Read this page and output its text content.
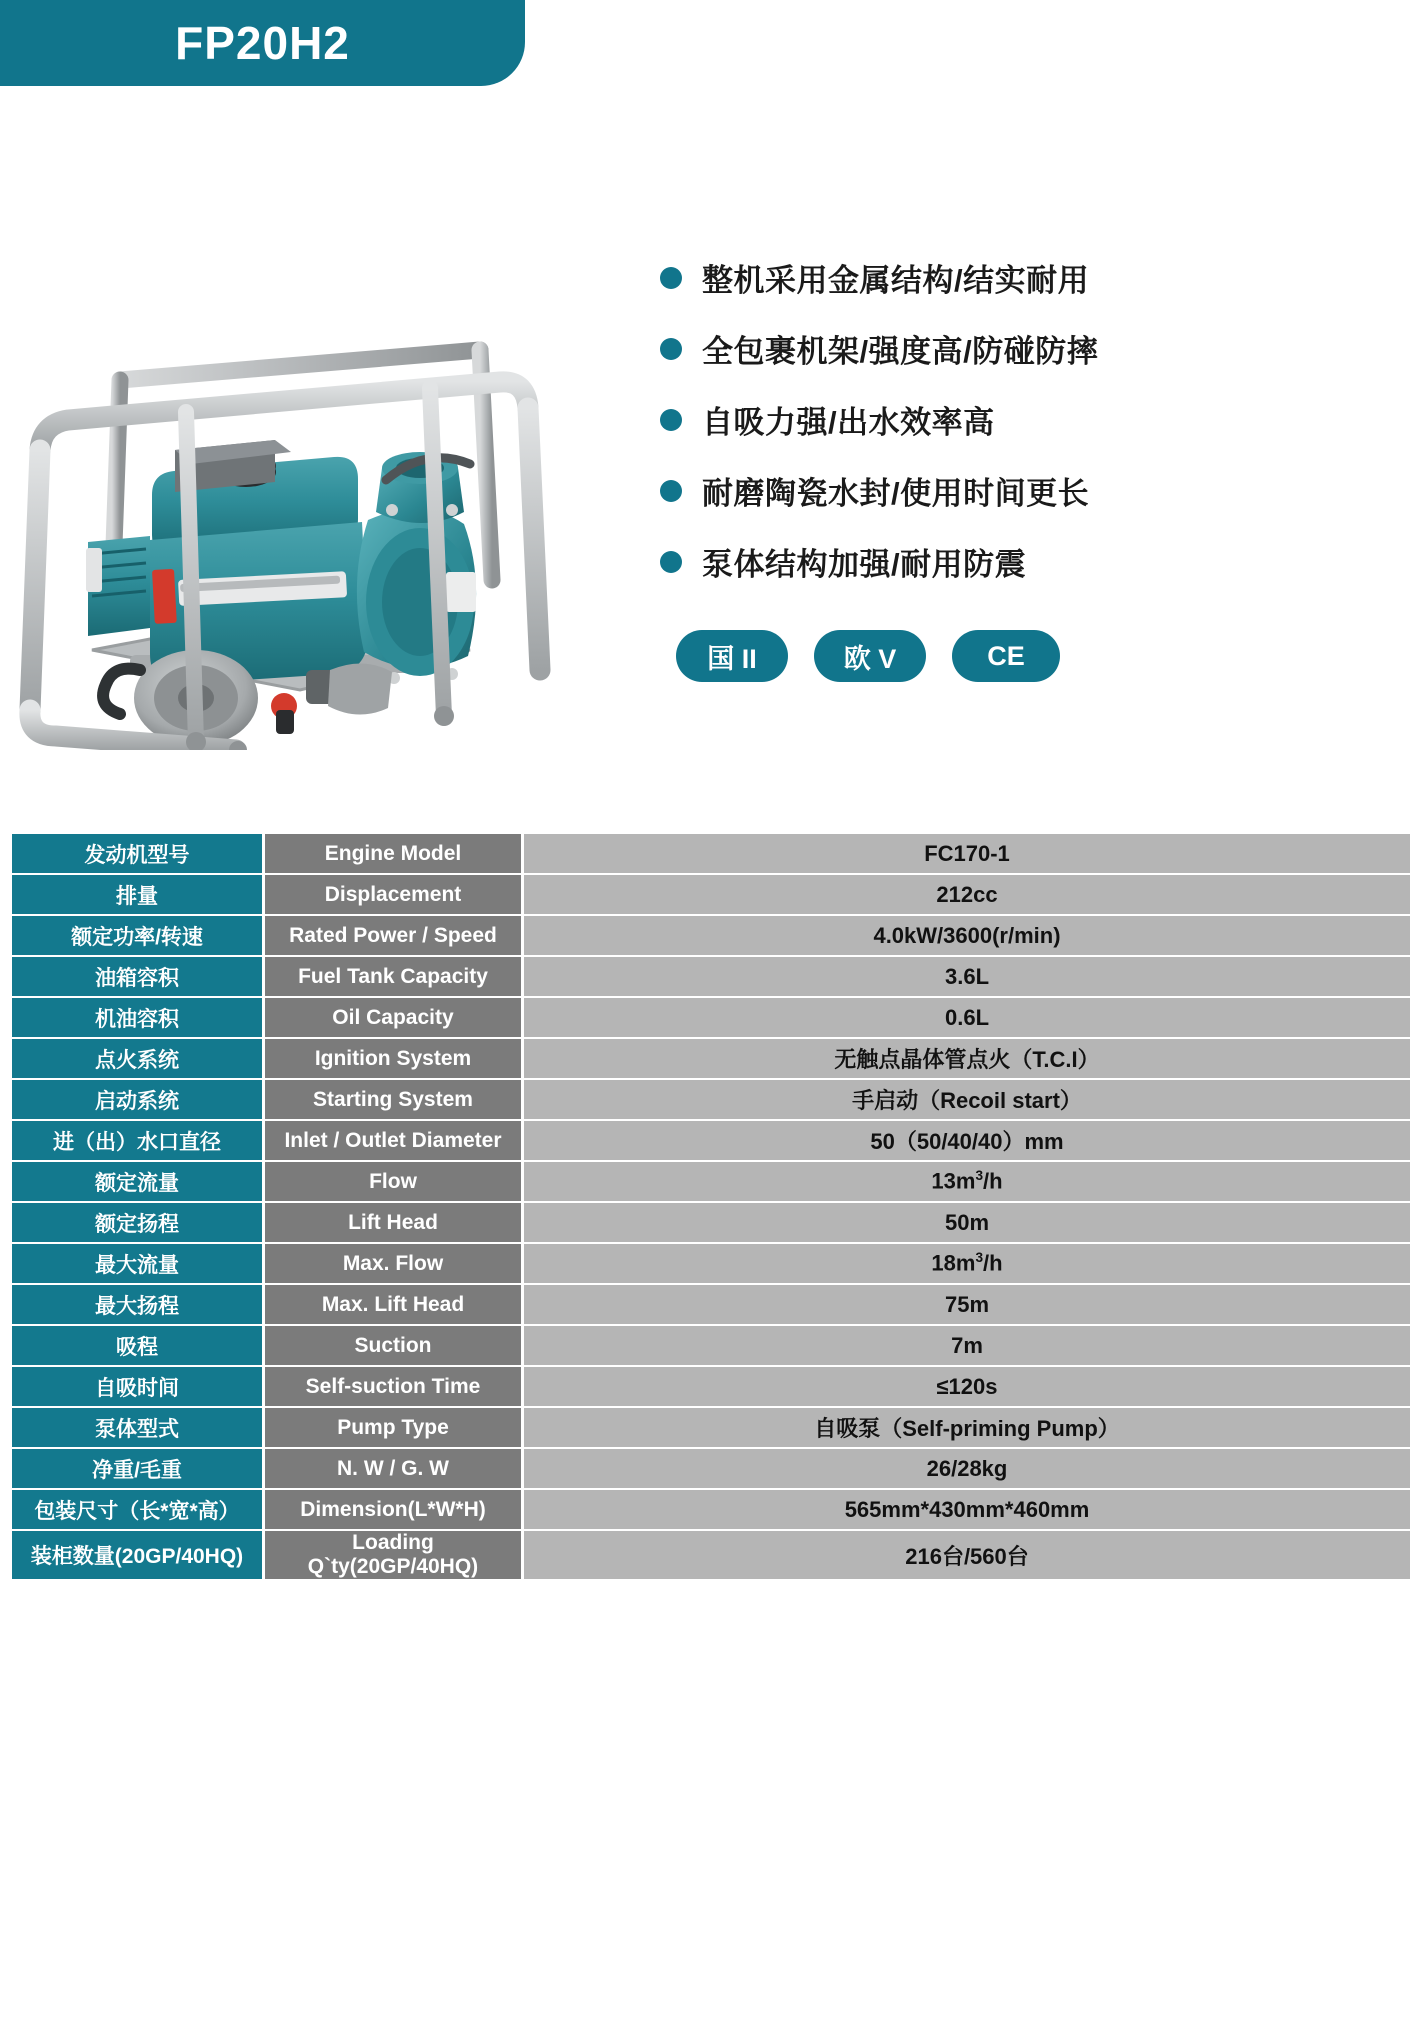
FP20H2
整机采用金属结构/结实耐用
全包裹机架/强度高/防碰防摔
自吸力强/出水效率高
耐磨陶瓷水封/使用时间更长
泵体结构加强/耐用防震
国 II	欧 V	CE
发动机型号	Engine Model	FC170-1
排量	Displacement	212cc
额定功率/转速	Rated Power / Speed	4.0kW/3600(r/min)
油箱容积	Fuel Tank Capacity	3.6L
机油容积	Oil Capacity	0.6L
点火系统	Ignition System	无触点晶体管点火（T.C.I）
启动系统	Starting System	手启动（Recoil start）
进（出）水口直径	Inlet / Outlet Diameter	50（50/40/40）mm
额定流量	Flow	$13m^3/h$
额定扬程	Lift Head	50m
最大流量	Max. Flow	$18m^3/h$
最大扬程	Max. Lift Head	75m
吸程	Suction	7m
自吸时间	Self-suction Time	≤120s
泵体型式	Pump Type	自吸泵（Self-priming Pump）
净重/毛重	N. W / G. W	26/28kg
包装尺寸（长*宽*高）	Dimension(L*W*H)	565mm*430mm*460mm
装柜数量(20GP/40HQ)	Loading Q`ty(20GP/40HQ)	216台/560台
